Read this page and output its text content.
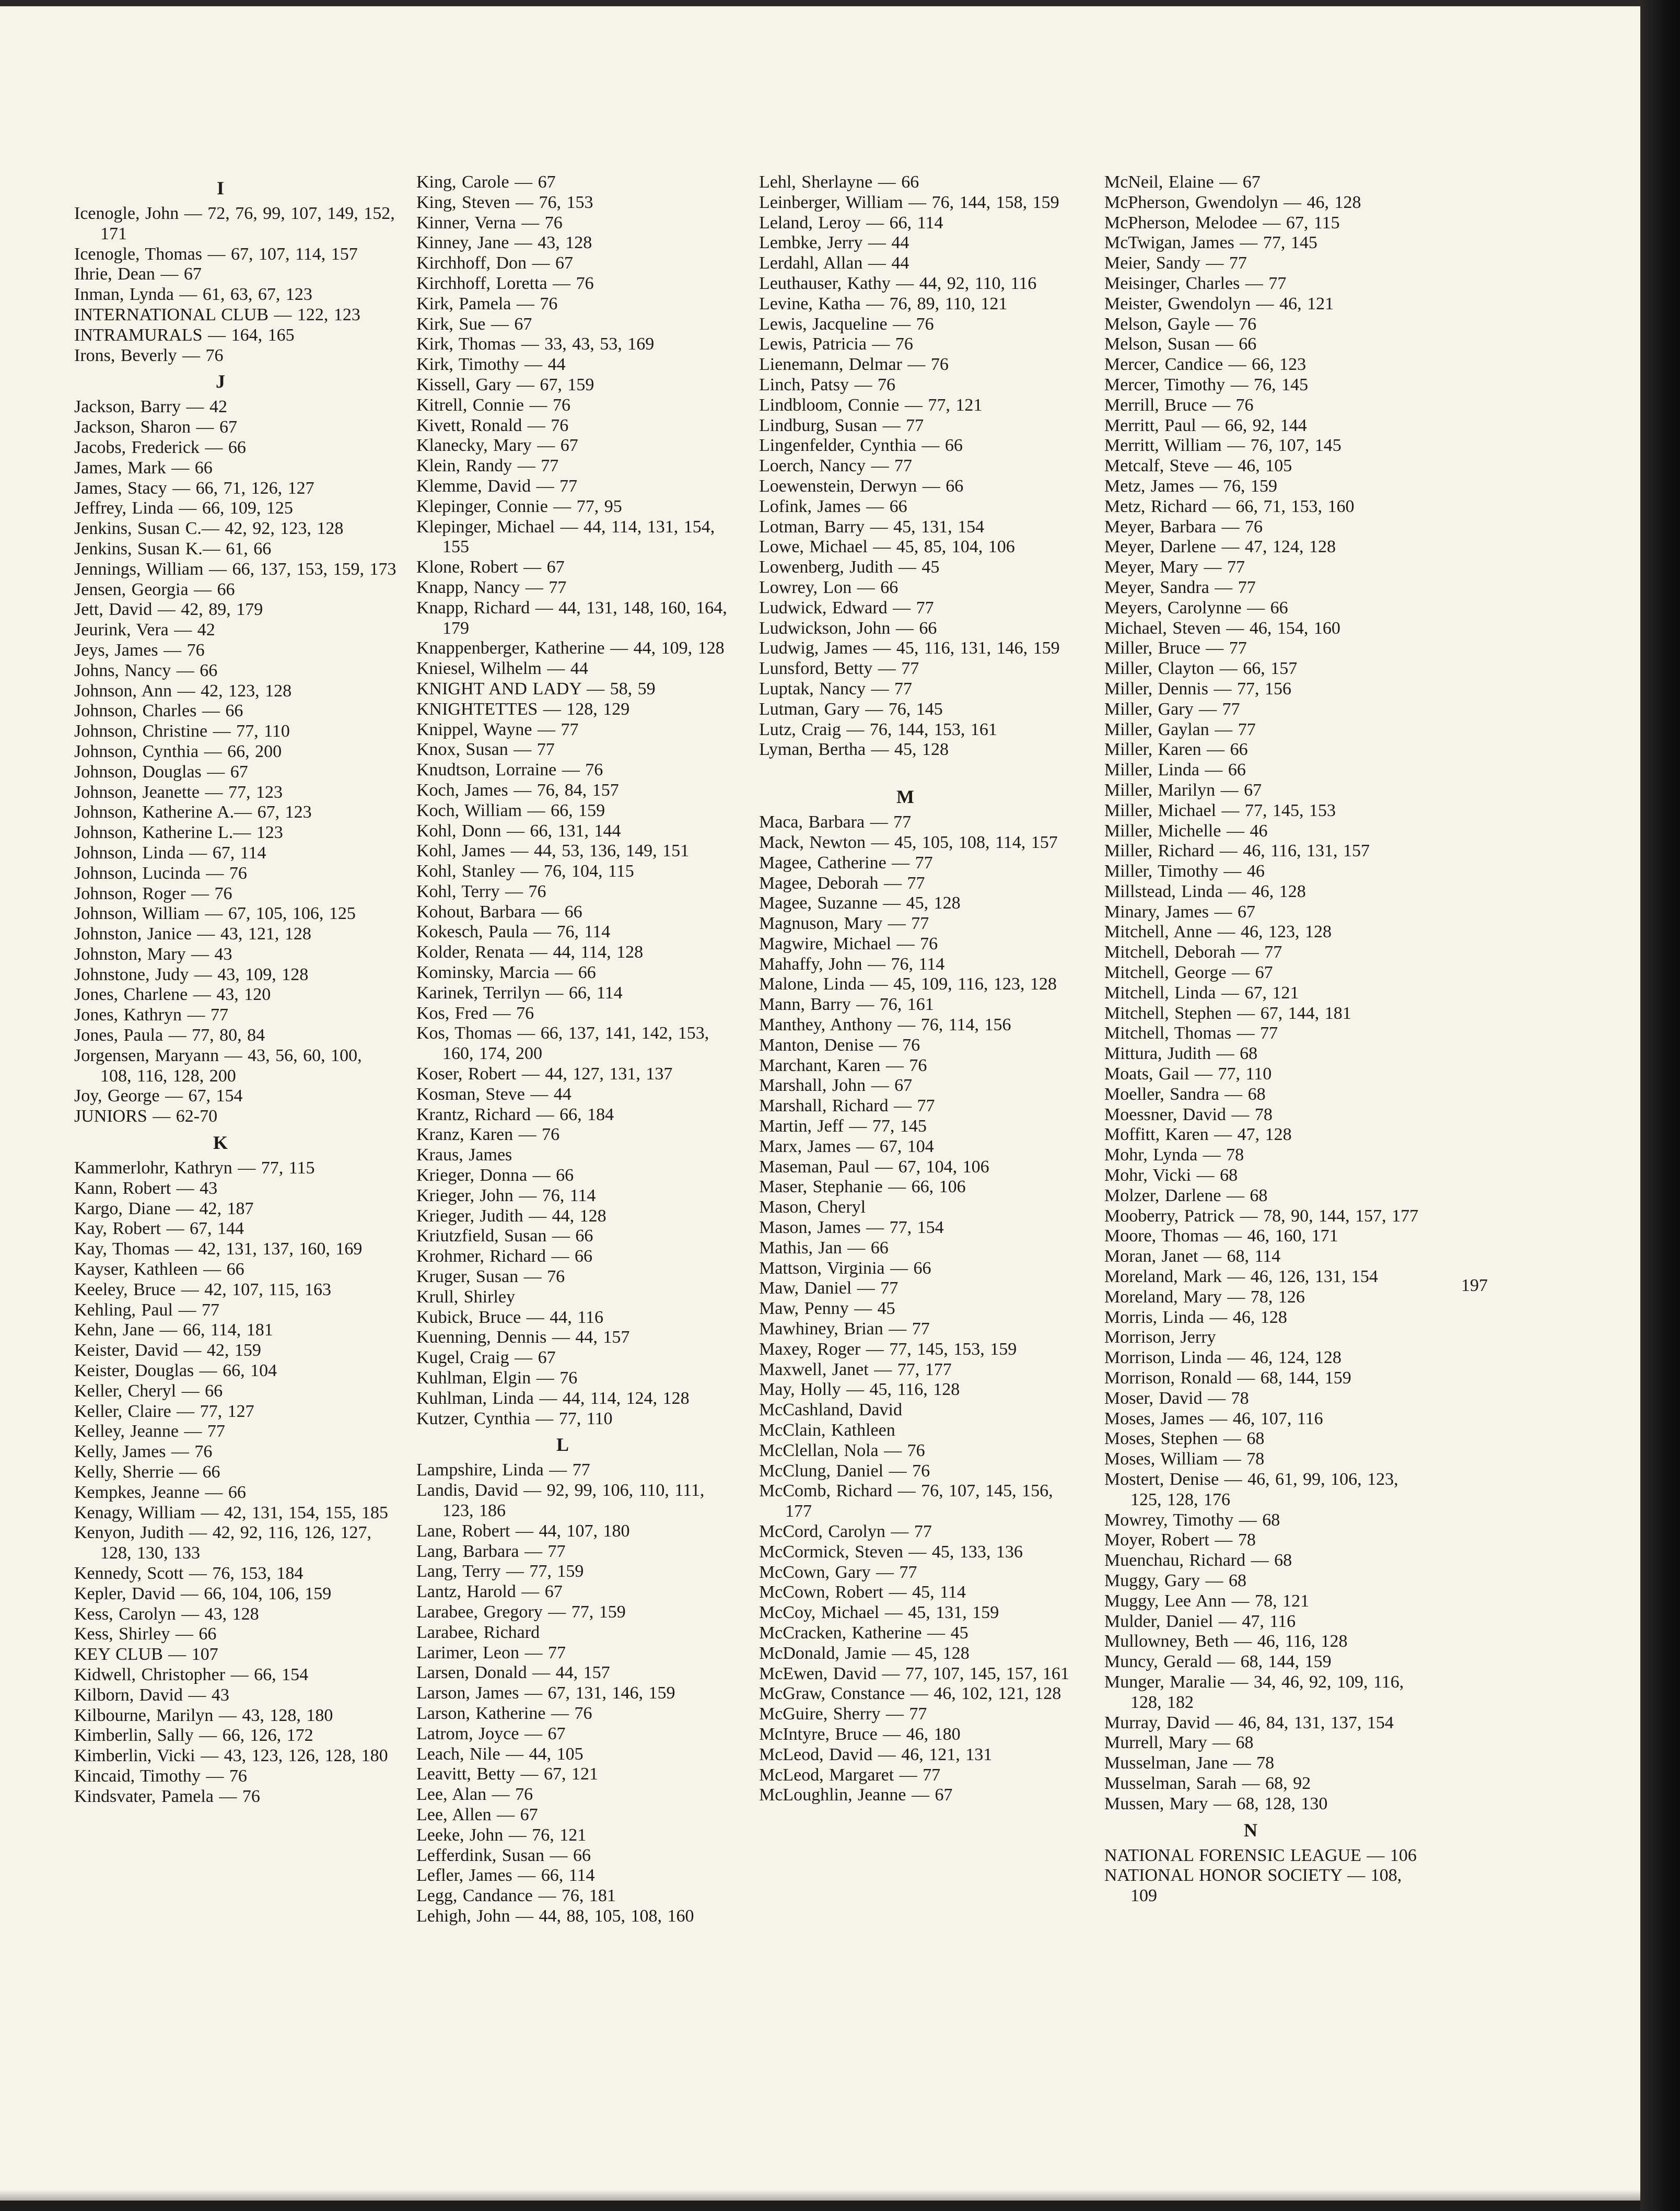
I
Icenogle, John — 72, 76, 99, 107, 149, 152, 171
Icenogle, Thomas — 67, 107, 114, 157
Ihrie, Dean — 67
Inman, Lynda — 61, 63, 67, 123
INTERNATIONAL CLUB — 122, 123
INTRAMURALS — 164, 165
Irons, Beverly — 76
J
Jackson, Barry — 42
Jackson, Sharon — 67
Jacobs, Frederick — 66
James, Mark — 66
James, Stacy — 66, 71, 126, 127
Jeffrey, Linda — 66, 109, 125
Jenkins, Susan C.— 42, 92, 123, 128
Jenkins, Susan K.— 61, 66
Jennings, William — 66, 137, 153, 159, 173
Jensen, Georgia — 66
Jett, David — 42, 89, 179
Jeurink, Vera — 42
Jeys, James — 76
Johns, Nancy — 66
Johnson, Ann — 42, 123, 128
Johnson, Charles — 66
Johnson, Christine — 77, 110
Johnson, Cynthia — 66, 200
Johnson, Douglas — 67
Johnson, Jeanette — 77, 123
Johnson, Katherine A.— 67, 123
Johnson, Katherine L.— 123
Johnson, Linda — 67, 114
Johnson, Lucinda — 76
Johnson, Roger — 76
Johnson, William — 67, 105, 106, 125
Johnston, Janice — 43, 121, 128
Johnston, Mary — 43
Johnstone, Judy — 43, 109, 128
Jones, Charlene — 43, 120
Jones, Kathryn — 77
Jones, Paula — 77, 80, 84
Jorgensen, Maryann — 43, 56, 60, 100, 108, 116, 128, 200
Joy, George — 67, 154
JUNIORS — 62-70
K
Kammerlohr, Kathryn — 77, 115
Kann, Robert — 43
Kargo, Diane — 42, 187
Kay, Robert — 67, 144
Kay, Thomas — 42, 131, 137, 160, 169
Kayser, Kathleen — 66
Keeley, Bruce — 42, 107, 115, 163
Kehling, Paul — 77
Kehn, Jane — 66, 114, 181
Keister, David — 42, 159
Keister, Douglas — 66, 104
Keller, Cheryl — 66
Keller, Claire — 77, 127
Kelley, Jeanne — 77
Kelly, James — 76
Kelly, Sherrie — 66
Kempkes, Jeanne — 66
Kenagy, William — 42, 131, 154, 155, 185
Kenyon, Judith — 42, 92, 116, 126, 127, 128, 130, 133
Kennedy, Scott — 76, 153, 184
Kepler, David — 66, 104, 106, 159
Kess, Carolyn — 43, 128
Kess, Shirley — 66
KEY CLUB — 107
Kidwell, Christopher — 66, 154
Kilborn, David — 43
Kilbourne, Marilyn — 43, 128, 180
Kimberlin, Sally — 66, 126, 172
Kimberlin, Vicki — 43, 123, 126, 128, 180
Kincaid, Timothy — 76
Kindsvater, Pamela — 76
King, Carole — 67
King, Steven — 76, 153
Kinner, Verna — 76
Kinney, Jane — 43, 128
Kirchhoff, Don — 67
Kirchhoff, Loretta — 76
Kirk, Pamela — 76
Kirk, Sue — 67
Kirk, Thomas — 33, 43, 53, 169
Kirk, Timothy — 44
Kissell, Gary — 67, 159
Kitrell, Connie — 76
Kivett, Ronald — 76
Klanecky, Mary — 67
Klein, Randy — 77
Klemme, David — 77
Klepinger, Connie — 77, 95
Klepinger, Michael — 44, 114, 131, 154, 155
Klone, Robert — 67
Knapp, Nancy — 77
Knapp, Richard — 44, 131, 148, 160, 164, 179
Knappenberger, Katherine — 44, 109, 128
Kniesel, Wilhelm — 44
KNIGHT AND LADY — 58, 59
KNIGHTETTES — 128, 129
Knippel, Wayne — 77
Knox, Susan — 77
Knudtson, Lorraine — 76
Koch, James — 76, 84, 157
Koch, William — 66, 159
Kohl, Donn — 66, 131, 144
Kohl, James — 44, 53, 136, 149, 151
Kohl, Stanley — 76, 104, 115
Kohl, Terry — 76
Kohout, Barbara — 66
Kokesch, Paula — 76, 114
Kolder, Renata — 44, 114, 128
Kominsky, Marcia — 66
Karinek, Terrilyn — 66, 114
Kos, Fred — 76
Kos, Thomas — 66, 137, 141, 142, 153, 160, 174, 200
Koser, Robert — 44, 127, 131, 137
Kosman, Steve — 44
Krantz, Richard — 66, 184
Kranz, Karen — 76
Kraus, James
Krieger, Donna — 66
Krieger, John — 76, 114
Krieger, Judith — 44, 128
Kriutzfield, Susan — 66
Krohmer, Richard — 66
Kruger, Susan — 76
Krull, Shirley
Kubick, Bruce — 44, 116
Kuenning, Dennis — 44, 157
Kugel, Craig — 67
Kuhlman, Elgin — 76
Kuhlman, Linda — 44, 114, 124, 128
Kutzer, Cynthia — 77, 110
L
Lampshire, Linda — 77
Landis, David — 92, 99, 106, 110, 111, 123, 186
Lane, Robert — 44, 107, 180
Lang, Barbara — 77
Lang, Terry — 77, 159
Lantz, Harold — 67
Larabee, Gregory — 77, 159
Larabee, Richard
Larimer, Leon — 77
Larsen, Donald — 44, 157
Larson, James — 67, 131, 146, 159
Larson, Katherine — 76
Latrom, Joyce — 67
Leach, Nile — 44, 105
Leavitt, Betty — 67, 121
Lee, Alan — 76
Lee, Allen — 67
Leeke, John — 76, 121
Lefferdink, Susan — 66
Lefler, James — 66, 114
Legg, Candance — 76, 181
Lehigh, John — 44, 88, 105, 108, 160
Lehl, Sherlayne — 66
Leinberger, William — 76, 144, 158, 159
Leland, Leroy — 66, 114
Lembke, Jerry — 44
Lerdahl, Allan — 44
Leuthauser, Kathy — 44, 92, 110, 116
Levine, Katha — 76, 89, 110, 121
Lewis, Jacqueline — 76
Lewis, Patricia — 76
Lienemann, Delmar — 76
Linch, Patsy — 76
Lindbloom, Connie — 77, 121
Lindburg, Susan — 77
Lingenfelder, Cynthia — 66
Loerch, Nancy — 77
Loewenstein, Derwyn — 66
Lofink, James — 66
Lotman, Barry — 45, 131, 154
Lowe, Michael — 45, 85, 104, 106
Lowenberg, Judith — 45
Lowrey, Lon — 66
Ludwick, Edward — 77
Ludwickson, John — 66
Ludwig, James — 45, 116, 131, 146, 159
Lunsford, Betty — 77
Luptak, Nancy — 77
Lutman, Gary — 76, 145
Lutz, Craig — 76, 144, 153, 161
Lyman, Bertha — 45, 128
M
Maca, Barbara — 77
Mack, Newton — 45, 105, 108, 114, 157
Magee, Catherine — 77
Magee, Deborah — 77
Magee, Suzanne — 45, 128
Magnuson, Mary — 77
Magwire, Michael — 76
Mahaffy, John — 76, 114
Malone, Linda — 45, 109, 116, 123, 128
Mann, Barry — 76, 161
Manthey, Anthony — 76, 114, 156
Manton, Denise — 76
Marchant, Karen — 76
Marshall, John — 67
Marshall, Richard — 77
Martin, Jeff — 77, 145
Marx, James — 67, 104
Maseman, Paul — 67, 104, 106
Maser, Stephanie — 66, 106
Mason, Cheryl
Mason, James — 77, 154
Mathis, Jan — 66
Mattson, Virginia — 66
Maw, Daniel — 77
Maw, Penny — 45
Mawhiney, Brian — 77
Maxey, Roger — 77, 145, 153, 159
Maxwell, Janet — 77, 177
May, Holly — 45, 116, 128
McCashland, David
McClain, Kathleen
McClellan, Nola — 76
McClung, Daniel — 76
McComb, Richard — 76, 107, 145, 156, 177
McCord, Carolyn — 77
McCormick, Steven — 45, 133, 136
McCown, Gary — 77
McCown, Robert — 45, 114
McCoy, Michael — 45, 131, 159
McCracken, Katherine — 45
McDonald, Jamie — 45, 128
McEwen, David — 77, 107, 145, 157, 161
McGraw, Constance — 46, 102, 121, 128
McGuire, Sherry — 77
McIntyre, Bruce — 46, 180
McLeod, David — 46, 121, 131
McLeod, Margaret — 77
McLoughlin, Jeanne — 67
McNeil, Elaine — 67
McPherson, Gwendolyn — 46, 128
McPherson, Melodee — 67, 115
McTwigan, James — 77, 145
Meier, Sandy — 77
Meisinger, Charles — 77
Meister, Gwendolyn — 46, 121
Melson, Gayle — 76
Melson, Susan — 66
Mercer, Candice — 66, 123
Mercer, Timothy — 76, 145
Merrill, Bruce — 76
Merritt, Paul — 66, 92, 144
Merritt, William — 76, 107, 145
Metcalf, Steve — 46, 105
Metz, James — 76, 159
Metz, Richard — 66, 71, 153, 160
Meyer, Barbara — 76
Meyer, Darlene — 47, 124, 128
Meyer, Mary — 77
Meyer, Sandra — 77
Meyers, Carolynne — 66
Michael, Steven — 46, 154, 160
Miller, Bruce — 77
Miller, Clayton — 66, 157
Miller, Dennis — 77, 156
Miller, Gary — 77
Miller, Gaylan — 77
Miller, Karen — 66
Miller, Linda — 66
Miller, Marilyn — 67
Miller, Michael — 77, 145, 153
Miller, Michelle — 46
Miller, Richard — 46, 116, 131, 157
Miller, Timothy — 46
Millstead, Linda — 46, 128
Minary, James — 67
Mitchell, Anne — 46, 123, 128
Mitchell, Deborah — 77
Mitchell, George — 67
Mitchell, Linda — 67, 121
Mitchell, Stephen — 67, 144, 181
Mitchell, Thomas — 77
Mittura, Judith — 68
Moats, Gail — 77, 110
Moeller, Sandra — 68
Moessner, David — 78
Moffitt, Karen — 47, 128
Mohr, Lynda — 78
Mohr, Vicki — 68
Molzer, Darlene — 68
Mooberry, Patrick — 78, 90, 144, 157, 177
Moore, Thomas — 46, 160, 171
Moran, Janet — 68, 114
Moreland, Mark — 46, 126, 131, 154
Moreland, Mary — 78, 126
Morris, Linda — 46, 128
Morrison, Jerry
Morrison, Linda — 46, 124, 128
Morrison, Ronald — 68, 144, 159
Moser, David — 78
Moses, James — 46, 107, 116
Moses, Stephen — 68
Moses, William — 78
Mostert, Denise — 46, 61, 99, 106, 123, 125, 128, 176
Mowrey, Timothy — 68
Moyer, Robert — 78
Muenchau, Richard — 68
Muggy, Gary — 68
Muggy, Lee Ann — 78, 121
Mulder, Daniel — 47, 116
Mullowney, Beth — 46, 116, 128
Muncy, Gerald — 68, 144, 159
Munger, Maralie — 34, 46, 92, 109, 116, 128, 182
Murray, David — 46, 84, 131, 137, 154
Murrell, Mary — 68
Musselman, Jane — 78
Musselman, Sarah — 68, 92
Mussen, Mary — 68, 128, 130
N
NATIONAL FORENSIC LEAGUE — 106
NATIONAL HONOR SOCIETY — 108, 109
197
